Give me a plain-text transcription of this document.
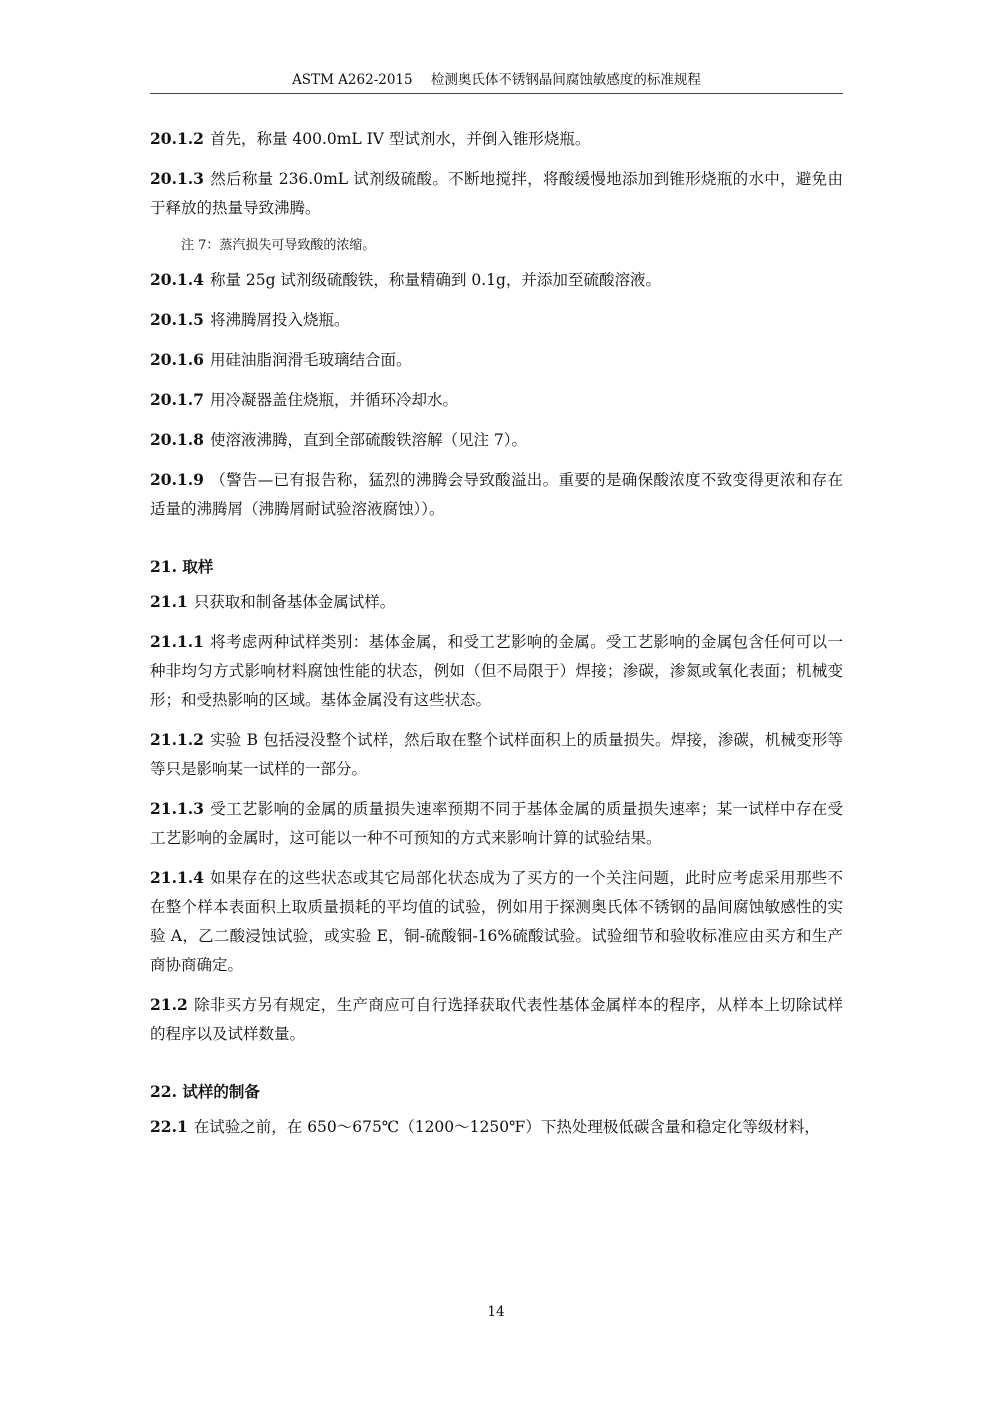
ASTM A262-2015 检测奥氏体不锈钢晶间腐蚀敏感度的标准规程

20.1.2 首先，称量 400.0mL IV 型试剂水，并倒入锥形烧瓶。

20.1.3 然后称量 236.0mL 试剂级硫酸。不断地搅拌，将酸缓慢地添加到锥形烧瓶的水中，避免由于释放的热量导致沸腾。

注 7：蒸汽损失可导致酸的浓缩。

20.1.4 称量 25g 试剂级硫酸铁，称量精确到 0.1g，并添加至硫酸溶液。

20.1.5 将沸腾屑投入烧瓶。

20.1.6 用硅油脂润滑毛玻璃结合面。

20.1.7 用冷凝器盖住烧瓶，并循环冷却水。

20.1.8 使溶液沸腾，直到全部硫酸铁溶解（见注 7）。

20.1.9 （警告—已有报告称，猛烈的沸腾会导致酸溢出。重要的是确保酸浓度不致变得更浓和存在适量的沸腾屑（沸腾屑耐试验溶液腐蚀））。

21. 取样

21.1 只获取和制备基体金属试样。

21.1.1 将考虑两种试样类别：基体金属，和受工艺影响的金属。受工艺影响的金属包含任何可以一种非均匀方式影响材料腐蚀性能的状态，例如（但不局限于）焊接；渗碳，渗氮或氧化表面；机械变形；和受热影响的区域。基体金属没有这些状态。

21.1.2 实验 B 包括浸没整个试样，然后取在整个试样面积上的质量损失。焊接，渗碳，机械变形等等只是影响某一试样的一部分。

21.1.3 受工艺影响的金属的质量损失速率预期不同于基体金属的质量损失速率；某一试样中存在受工艺影响的金属时，这可能以一种不可预知的方式来影响计算的试验结果。

21.1.4 如果存在的这些状态或其它局部化状态成为了买方的一个关注问题，此时应考虑采用那些不在整个样本表面积上取质量损耗的平均值的试验，例如用于探测奥氏体不锈钢的晶间腐蚀敏感性的实验 A，乙二酸浸蚀试验，或实验 E，铜-硫酸铜-16%硫酸试验。试验细节和验收标准应由买方和生产商协商确定。

21.2 除非买方另有规定，生产商应可自行选择获取代表性基体金属样本的程序，从样本上切除试样的程序以及试样数量。

22. 试样的制备

22.1 在试验之前，在 650～675℃（1200～1250℉）下热处理极低碳含量和稳定化等级材料，

14
